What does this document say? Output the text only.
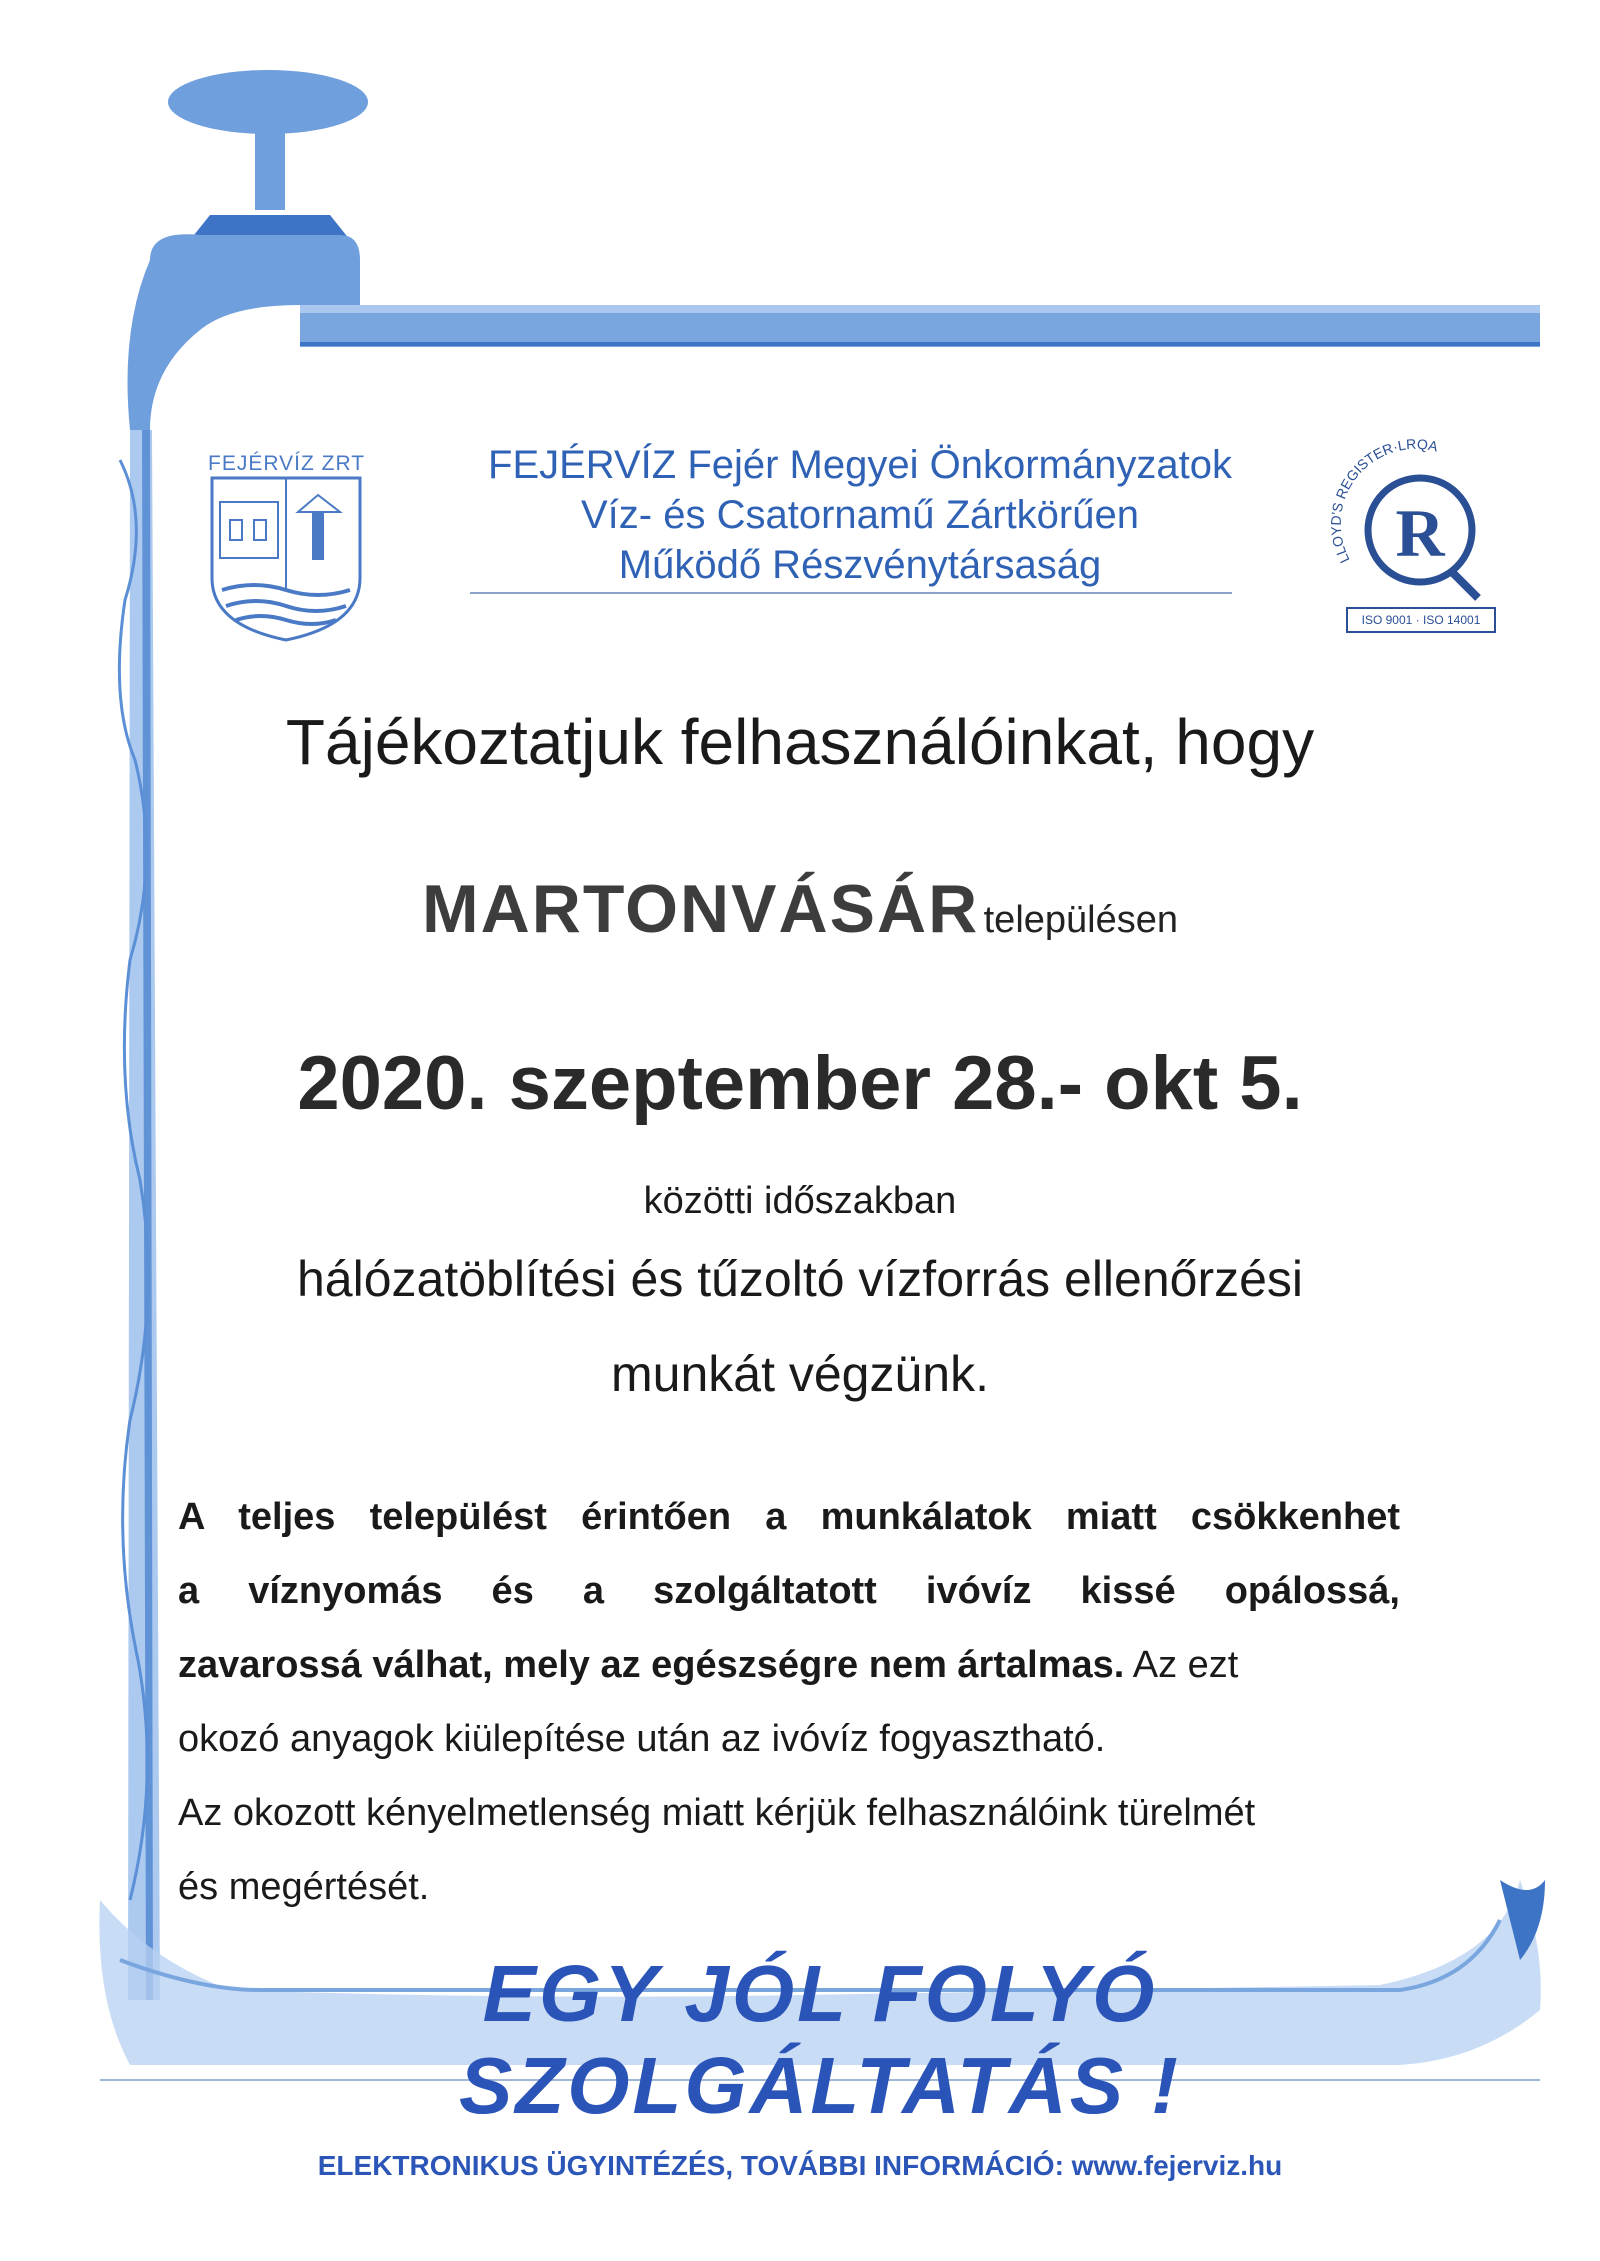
R
LLOYD'S REGISTER·LRQA
FEJÉRVÍZ ZRT	FEJÉRVÍZ Fejér Megyei Önkormányzatok
Víz- és Csatornamű Zártkörűen
Működő Részvénytársaság
ISO 9001 · ISO 14001
Tájékoztatjuk felhasználóinkat, hogy
MARTONVÁSÁR településen
2020. szeptember 28.- okt 5.
közötti időszakban
hálózatöblítési és tűzoltó vízforrás ellenőrzési
munkát végzünk.
A teljes települést érintően a munkálatok miatt csökkenhet
a víznyomás és a szolgáltatott ivóvíz kissé opálossá,
zavarossá válhat, mely az egészségre nem ártalmas. Az ezt
okozó anyagok kiülepítése után az ivóvíz fogyasztható.
Az okozott kényelmetlenség miatt kérjük felhasználóink türelmét
és megértését.
EGY JÓL FOLYÓ SZOLGÁLTATÁS !
ELEKTRONIKUS ÜGYINTÉZÉS, TOVÁBBI INFORMÁCIÓ: www.fejerviz.hu
